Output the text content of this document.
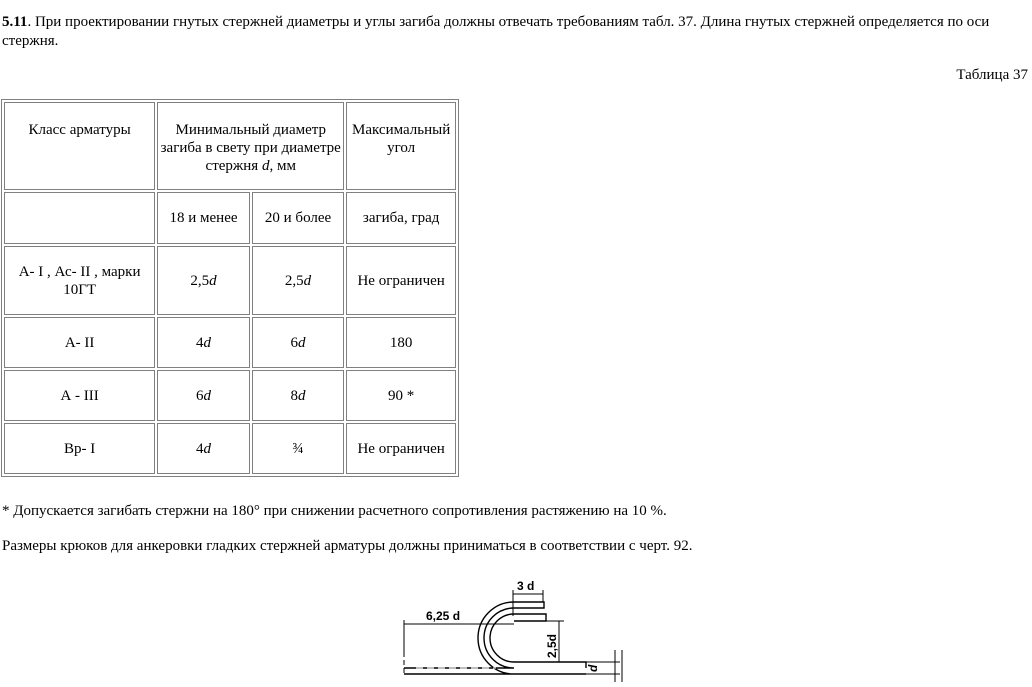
5.11. При проектировании гнутых стержней диаметры и углы загиба должны отвечать требованиям табл. 37. Длина гнутых стержней определяется по оси стержня.

Таблица 37
Класс арматуры	Минимальный диаметр загиба в свету при диаметре стержня d, мм		Максимальный угол
	18 и менее	20 и более	загиба, град
А- I , Ас- II , марки 10ГТ	2,5d	2,5d	Не ограничен
А- II	4d	6d	180
А - III	6d	8d	90 *
Вр- I	4d	¾	Не ограничен

* Допускается загибать стержни на 180° при снижении расчетного сопротивления растяжению на 10 %.

Размеры крюков для анкеровки гладких стержней арматуры должны приниматься в соответствии с черт. 92.

3 d
6,25 d
2,5d
d
